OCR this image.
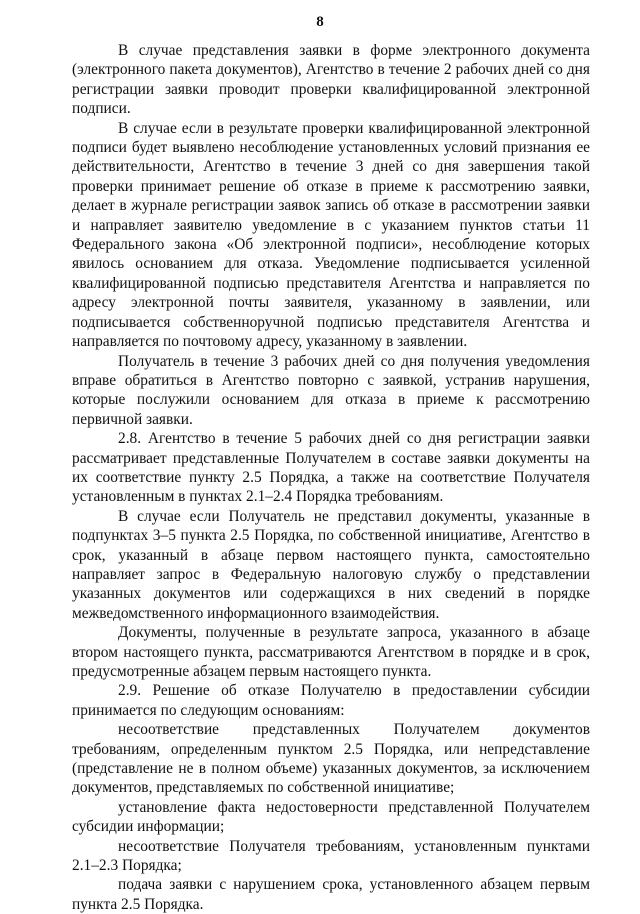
8

В случае представления заявки в форме электронного документа (электронного пакета документов), Агентство в течение 2 рабочих дней со дня регистрации заявки проводит проверки квалифицированной электронной подписи.

В случае если в результате проверки квалифицированной электронной подписи будет выявлено несоблюдение установленных условий признания ее действительности, Агентство в течение 3 дней со дня завершения такой проверки принимает решение об отказе в приеме к рассмотрению заявки, делает в журнале регистрации заявок запись об отказе в рассмотрении заявки и направляет заявителю уведомление в с указанием пунктов статьи 11 Федерального закона «Об электронной подписи», несоблюдение которых явилось основанием для отказа. Уведомление подписывается усиленной квалифицированной подписью представителя Агентства и направляется по адресу электронной почты заявителя, указанному в заявлении, или подписывается собственноручной подписью представителя Агентства и направляется по почтовому адресу, указанному в заявлении.

Получатель в течение 3 рабочих дней со дня получения уведомления вправе обратиться в Агентство повторно с заявкой, устранив нарушения, которые послужили основанием для отказа в приеме к рассмотрению первичной заявки.

2.8. Агентство в течение 5 рабочих дней со дня регистрации заявки рассматривает представленные Получателем в составе заявки документы на их соответствие пункту 2.5 Порядка, а также на соответствие Получателя установленным в пунктах 2.1–2.4 Порядка требованиям.

В случае если Получатель не представил документы, указанные в подпунктах 3–5 пункта 2.5 Порядка, по собственной инициативе, Агентство в срок, указанный в абзаце первом настоящего пункта, самостоятельно направляет запрос в Федеральную налоговую службу о представлении указанных документов или содержащихся в них сведений в порядке межведомственного информационного взаимодействия.

Документы, полученные в результате запроса, указанного в абзаце втором настоящего пункта, рассматриваются Агентством в порядке и в срок, предусмотренные абзацем первым настоящего пункта.

2.9. Решение об отказе Получателю в предоставлении субсидии принимается по следующим основаниям:

несоответствие представленных Получателем документов требованиям, определенным пунктом 2.5 Порядка, или непредставление (представление не в полном объеме) указанных документов, за исключением документов, представляемых по собственной инициативе;

установление факта недостоверности представленной Получателем субсидии информации;

несоответствие Получателя требованиям, установленным пунктами 2.1–2.3 Порядка;

подача заявки с нарушением срока, установленного абзацем первым пункта 2.5 Порядка.
